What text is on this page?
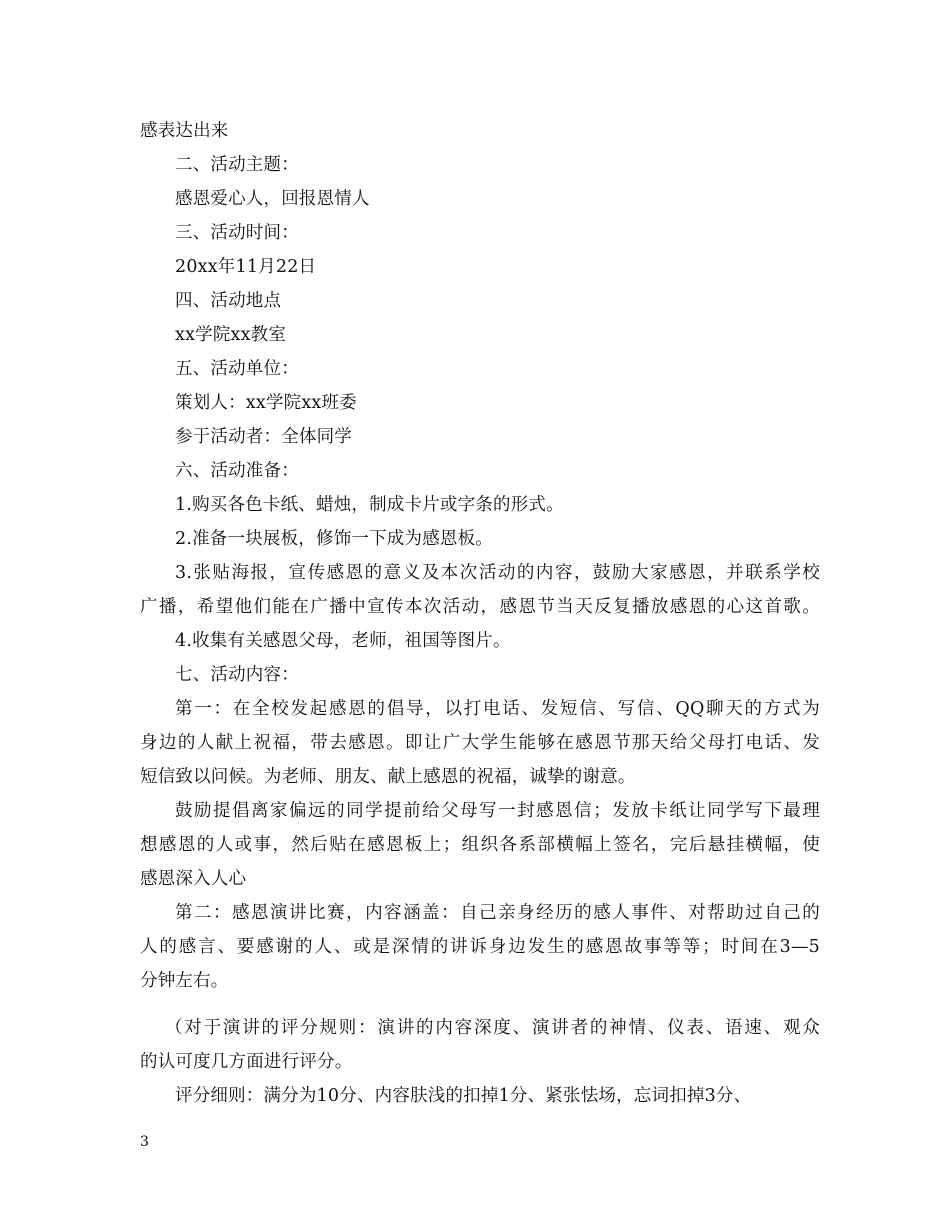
感表达出来
二、活动主题：
感恩爱心人，回报恩情人
三、活动时间：
20xx年11月22日
四、活动地点
xx学院xx教室
五、活动单位：
策划人：xx学院xx班委
参于活动者：全体同学
六、活动准备：
1.购买各色卡纸、蜡烛，制成卡片或字条的形式。
2.准备一块展板，修饰一下成为感恩板。
3.张贴海报，宣传感恩的意义及本次活动的内容，鼓励大家感恩，并联系学校
广播，希望他们能在广播中宣传本次活动，感恩节当天反复播放感恩的心这首歌。
4.收集有关感恩父母，老师，祖国等图片。
七、活动内容：
第一：在全校发起感恩的倡导，以打电话、发短信、写信、QQ聊天的方式为
身边的人献上祝福，带去感恩。即让广大学生能够在感恩节那天给父母打电话、发
短信致以问候。为老师、朋友、献上感恩的祝福，诚挚的谢意。
鼓励提倡离家偏远的同学提前给父母写一封感恩信；发放卡纸让同学写下最理
想感恩的人或事，然后贴在感恩板上；组织各系部横幅上签名，完后悬挂横幅，使
感恩深入人心
第二：感恩演讲比赛，内容涵盖：自己亲身经历的感人事件、对帮助过自己的
人的感言、要感谢的人、或是深情的讲诉身边发生的感恩故事等等；时间在3—5
分钟左右。
（对于演讲的评分规则：演讲的内容深度、演讲者的神情、仪表、语速、观众
的认可度几方面进行评分。
评分细则：满分为10分、内容肤浅的扣掉1分、紧张怯场，忘词扣掉3分、
3
